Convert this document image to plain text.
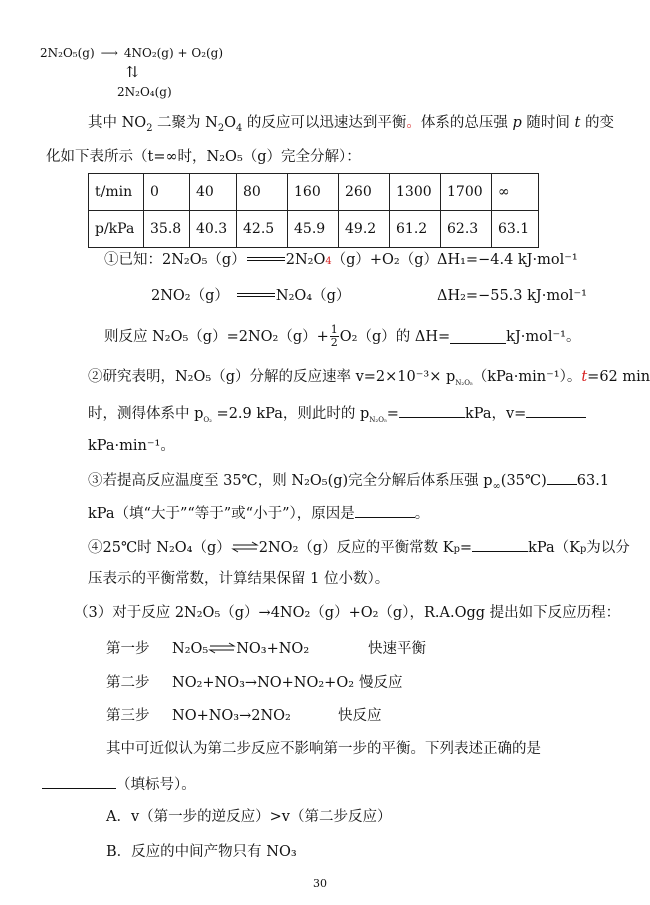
2N₂O₅(g) ⟶ 4NO₂(g) + O₂(g)
⇅
2N₂O₄(g)
其中 $NO_2$ 二聚为 $N_2O_4$ 的反应可以迅速达到平衡。体系的总压强 p 随时间 t 的变
化如下表所示（t=∞时，N₂O₅（g）完全分解）：
t/min	0	40	80	160	260	1300	1700	∞
p/kPa	35.8	40.3	42.5	45.9	49.2	61.2	62.3	63.1
①已知：2N₂O₅（g）	2N₂O 4 （g）+O₂（g）
ΔH₁=−4.4 kJ·mol⁻¹
2NO₂（g）	N₂O₄（g）	ΔH₂=−55.3 kJ·mol⁻¹
则反应 $N_2O_5(g)=2NO_2(g)+ \frac{1}{2} O_2(g)$的 ΔH=	kJ·mol⁻¹。
②研究表明，N₂O₅（g）分解的反应速率 $v=2\times 10^{-3}\times p_{N_2O_5}(kPa\cdot\min^{-1})$。t=62 min
时，测得体系中 $p_{O_2} =2.9$ kPa，则此时的 $p_{N_2O_5}=$	kPa，v=
kPa·min⁻¹。
③若提高反应温度至 35℃，则 N₂O₅(g)完全分解后体系压强 $p_\infty(35℃)$ 63.1
kPa（填“大于”“等于”或“小于”），原因是	。
④25℃时 N₂O₄（g） 2NO₂（g）反应的平衡常数 K p =	kPa（K p 为以分
压表示的平衡常数，计算结果保留 1 位小数）。
（3）对于反应 2N₂O₅（g）→4NO₂（g）+O₂（g），R.A.Ogg 提出如下反应历程：
第一步	N₂O₅ NO₃+NO₂	快速平衡
第二步	NO₂+NO₃→NO+NO₂+O₂ 慢反应
第三步	NO+NO₃→2NO₂	快反应
其中可近似认为第二步反应不影响第一步的平衡。下列表述正确的是
（填标号）。
A．v（第一步的逆反应）>v（第二步反应）
B．反应的中间产物只有 NO₃
30
